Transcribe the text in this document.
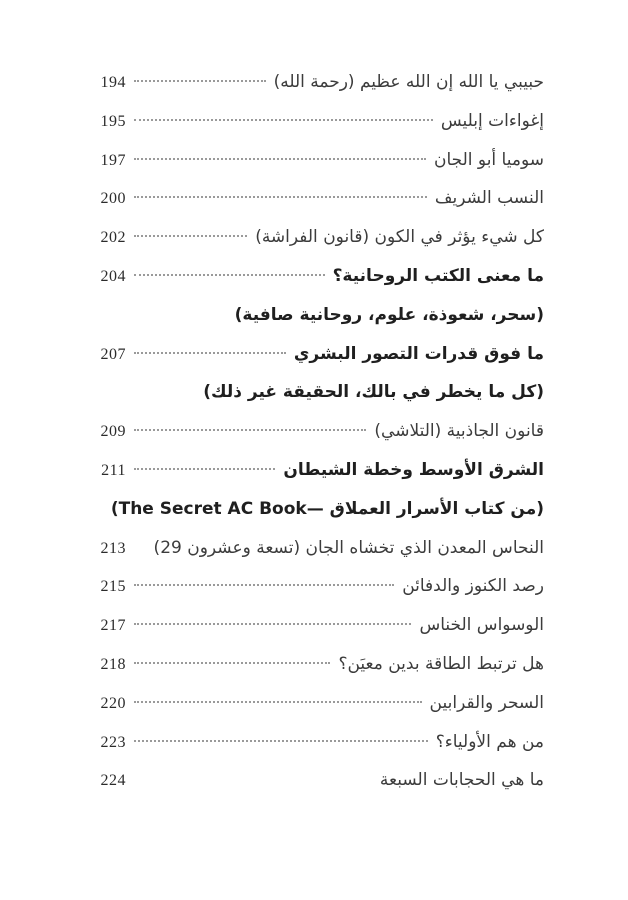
حبيبي يا الله إن الله عظيم (رحمة الله)
194
إغواءات إبليس
195
سوميا أبو الجان
197
النسب الشريف
200
كل شيء يؤثر في الكون (قانون الفراشة)
202
ما معنى الكتب الروحانية؟
204
(سحر، شعوذة، علوم، روحانية صافية)
ما فوق قدرات التصور البشري
207
(كل ما يخطر في بالك، الحقيقة غير ذلك)
قانون الجاذبية (التلاشي)
209
الشرق الأوسط وخطة الشيطان
211
(من كتاب الأسرار العملاق —The Secret AC Book)
النحاس المعدن الذي تخشاه الجان (تسعة وعشرون 29)
213
رصد الكنوز والدفائن
215
الوسواس الخناس
217
هل ترتبط الطاقة بدين معيَن؟
218
السحر والقرابين
220
من هم الأولياء؟
223
ما هي الحجابات السبعة
224
